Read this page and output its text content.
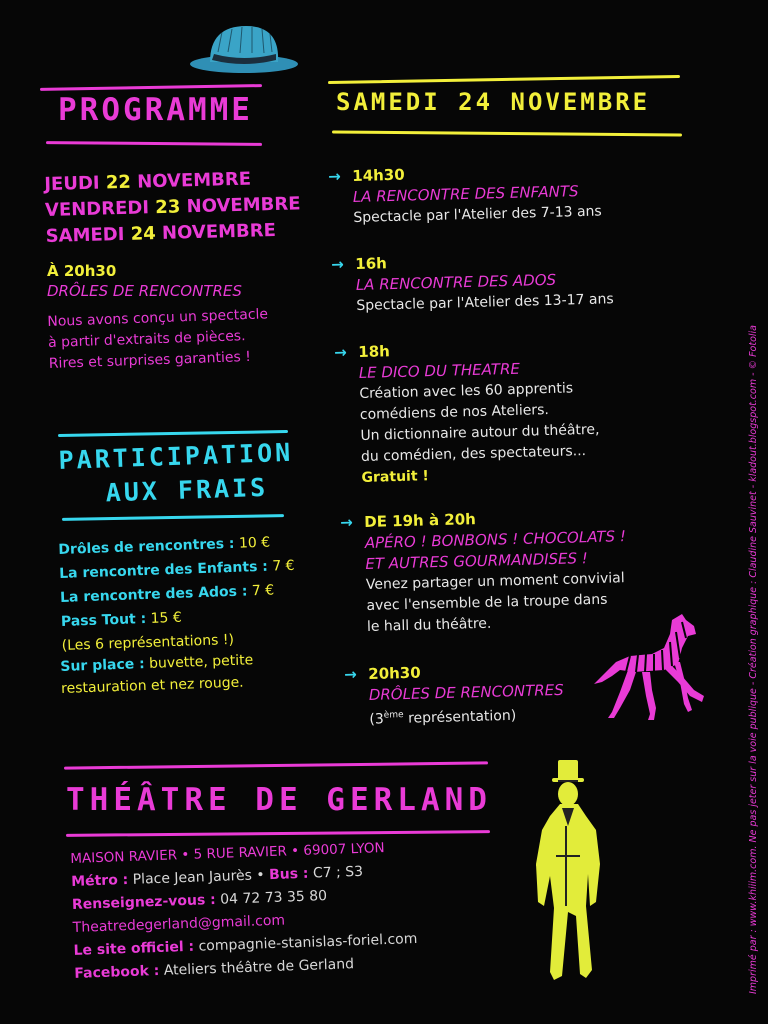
PROGRAMME
JEUDI 22 NOVEMBRE
VENDREDI 23 NOVEMBRE
SAMEDI 24 NOVEMBRE
À 20h30
DRÔLES DE RENCONTRES
Nous avons conçu un spectacle
à partir d'extraits de pièces.
Rires et surprises garanties !
PARTICIPATION
AUX FRAIS
Drôles de rencontres : 10 €
La rencontre des Enfants : 7 €
La rencontre des Ados : 7 €
Pass Tout : 15 €
(Les 6 représentations !)
Sur place : buvette, petite
restauration et nez rouge.
SAMEDI 24 NOVEMBRE
→ 14h30
LA RENCONTRE DES ENFANTS
Spectacle par l'Atelier des 7-13 ans
→ 16h
LA RENCONTRE DES ADOS
Spectacle par l'Atelier des 13-17 ans
→ 18h
LE DICO DU THEATRE
Création avec les 60 apprentis
comédiens de nos Ateliers.
Un dictionnaire autour du théâtre,
du comédien, des spectateurs...
Gratuit !
→ DE 19h à 20h
APÉRO ! BONBONS ! CHOCOLATS !
ET AUTRES GOURMANDISES !
Venez partager un moment convivial
avec l'ensemble de la troupe dans
le hall du théâtre.
→ 20h30
DRÔLES DE RENCONTRES
(3ème représentation)
THÉÂTRE DE GERLAND
MAISON RAVIER • 5 RUE RAVIER • 69007 LYON
Métro : Place Jean Jaurès • Bus : C7 ; S3
Renseignez-vous : 04 72 73 35 80
Theatredegerland@gmail.com
Le site officiel : compagnie-stanislas-foriel.com
Facebook : Ateliers théâtre de Gerland	Imprimé par : www.khiiim.com. Ne pas jeter sur la voie publique - Création graphique : Claudine Sauvinet - kladout.blogspot.com - © Fotolia
